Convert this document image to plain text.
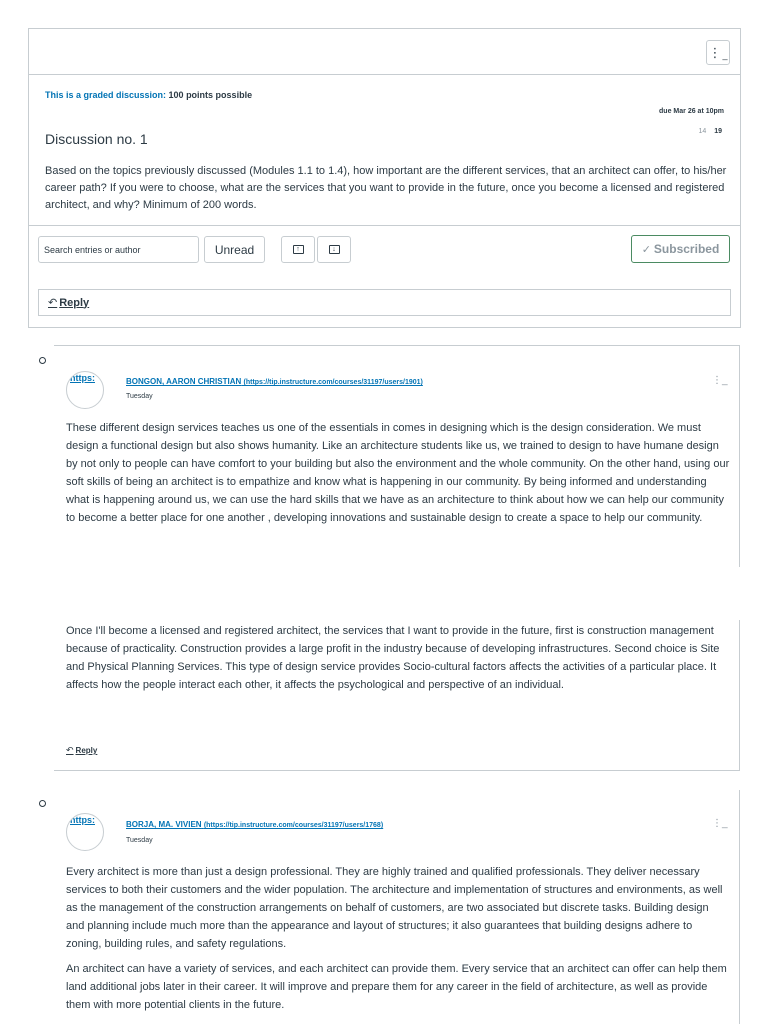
⋮ _
This is a graded discussion: 100 points possible
due Mar 26 at 10pm
Discussion no. 1	14 19
Based on the topics previously discussed (Modules 1.1 to 1.4), how important are the different services, that an architect can offer, to his/her career path? If you were to choose, what are the services that you want to provide in the future, once you become a licensed and registered architect, and why? Minimum of 200 words.
Search entries or author
Unread	↑	↓	✓ Subscribed
↶ Reply
https:	BONGON, AARON CHRISTIAN (https://tip.instructure.com/courses/31197/users/1901)
Tuesday
⋮_
These different design services teaches us one of the essentials in comes in designing which is the design consideration. We must design a functional design but also shows humanity. Like an architecture students like us, we trained to design to have humane design by not only to people can have comfort to your building but also the environment and the whole community. On the other hand, using our soft skills of being an architect is to empathize and know what is happening in our community. By being informed and understanding what is happening around us, we can use the hard skills that we have as an architecture to think about how we can help our community to become a better place for one another , developing innovations and sustainable design to create a space to help our community.
Once I'll become a licensed and registered architect, the services that I want to provide in the future, first is construction management because of practicality. Construction provides a large profit in the industry because of developing infrastructures. Second choice is Site and Physical Planning Services. This type of design service provides Socio-cultural factors affects the activities of a particular place. It affects how the people interact each other, it affects the psychological and perspective of an individual.
↶ Reply
https:	BORJA, MA. VIVIEN (https://tip.instructure.com/courses/31197/users/1768)
Tuesday
⋮_
Every architect is more than just a design professional. They are highly trained and qualified professionals. They deliver necessary services to both their customers and the wider population. The architecture and implementation of structures and environments, as well as the management of the construction arrangements on behalf of customers, are two associated but discrete tasks. Building design and planning include much more than the appearance and layout of structures; it also guarantees that building designs adhere to zoning, building rules, and safety regulations.
An architect can have a variety of services, and each architect can provide them. Every service that an architect can offer can help them land additional jobs later in their career. It will improve and prepare them for any career in the field of architecture, as well as provide them with more potential clients in the future.
